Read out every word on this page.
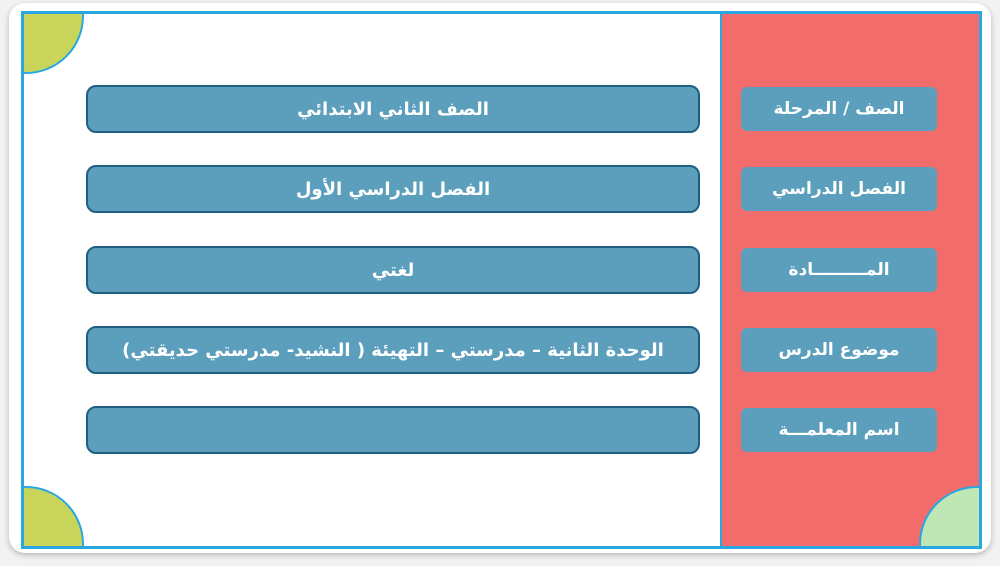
الصف / المرحلة
الصف الثاني الابتدائي
الفصل الدراسي
الفصل الدراسي الأول
المـــــــــادة
لغتي
موضوع الدرس
الوحدة الثانية – مدرستي – التهيئة ( النشيد- مدرستي حديقتي)
اسم المعلمـــة
